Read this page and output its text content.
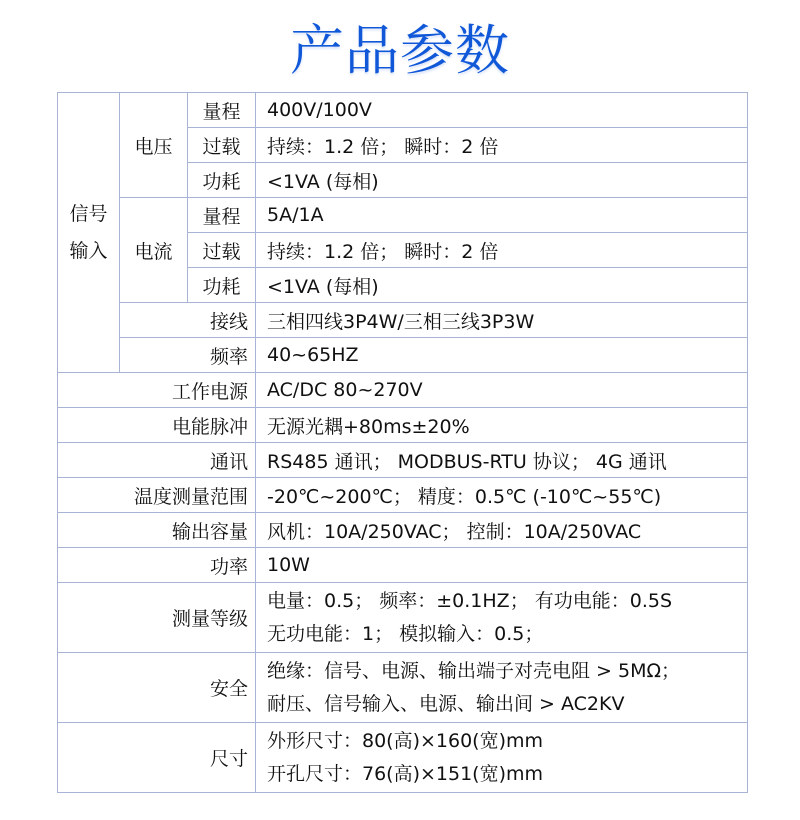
产品参数
信号输入	电压	量程	400V/100V
		过载	持续：1.2 倍； 瞬时：2 倍
		功耗	<1VA (每相)
	电流	量程	5A/1A
		过载	持续：1.2 倍； 瞬时：2 倍
		功耗	<1VA (每相)
	接线		三相四线3P4W/三相三线3P3W
	频率		40~65HZ
工作电源			AC/DC 80~270V
电能脉冲			无源光耦+80ms±20%
通讯			RS485 通讯； MODBUS-RTU 协议； 4G 通讯
温度测量范围			-20℃~200℃； 精度：0.5℃ (-10℃~55℃)
输出容量			风机：10A/250VAC； 控制：10A/250VAC
功率			10W
测量等级			电量：0.5； 频率：±0.1HZ； 有功电能：0.5S
无功电能：1； 模拟输入：0.5；

安全			绝缘：信号、电源、输出端子对壳电阻 > 5MΩ；
耐压、信号输入、电源、输出间 > AC2KV

尺寸			外形尺寸：80(高)×160(宽)mm
开孔尺寸：76(高)×151(宽)mm
